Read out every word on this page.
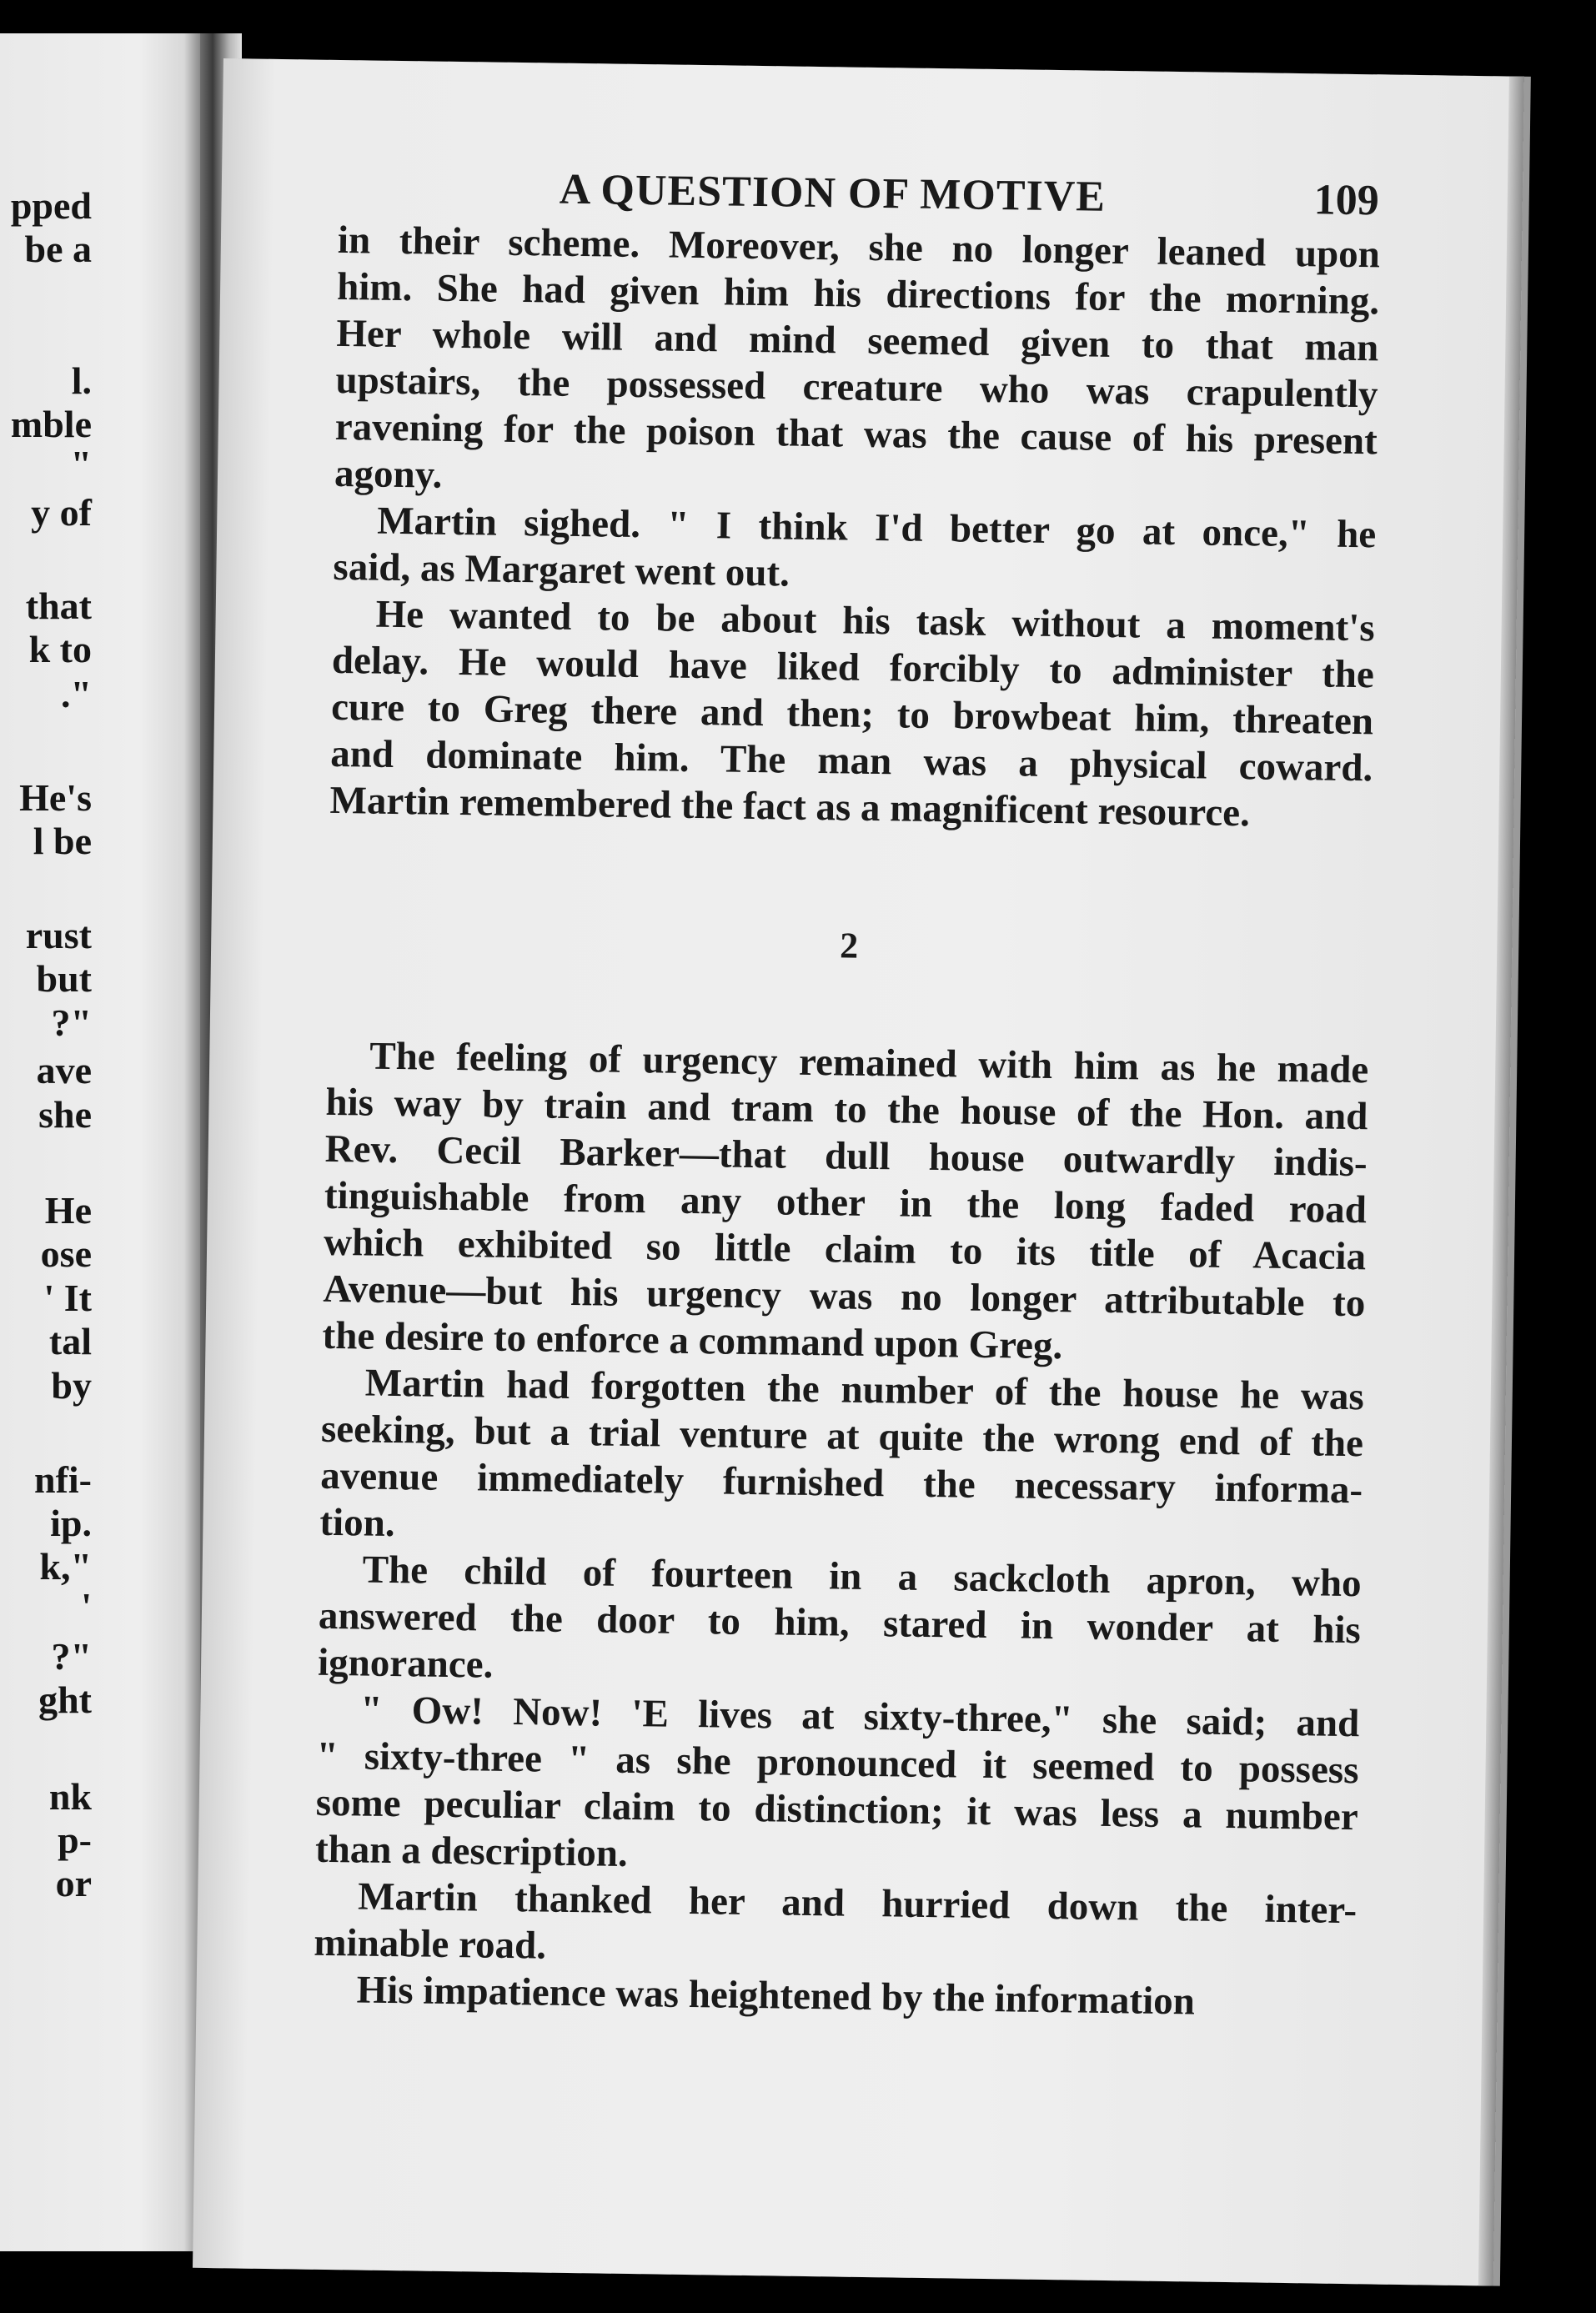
pped
be a
l.
mble
"
y of
that
k to
."
He's
l be
rust
but
?"
ave
she
He
ose
' It
tal
by
nfi-
ip.
k,"
'
?"
ght
nk
p-
or
A QUESTION OF MOTIVE	109
in their scheme. Moreover, she no longer leaned upon
him. She had given him his directions for the morning.
Her whole will and mind seemed given to that man
upstairs, the possessed creature who was crapulently
ravening for the poison that was the cause of his present
agony.
Martin sighed. " I think I'd better go at once," he
said, as Margaret went out.
He wanted to be about his task without a moment's
delay. He would have liked forcibly to administer the
cure to Greg there and then; to browbeat him, threaten
and dominate him. The man was a physical coward.
Martin remembered the fact as a magnificent resource.
2
The feeling of urgency remained with him as he made
his way by train and tram to the house of the Hon. and
Rev. Cecil Barker—that dull house outwardly indis-
tinguishable from any other in the long faded road
which exhibited so little claim to its title of Acacia
Avenue—but his urgency was no longer attributable to
the desire to enforce a command upon Greg.
Martin had forgotten the number of the house he was
seeking, but a trial venture at quite the wrong end of the
avenue immediately furnished the necessary informa-
tion.
The child of fourteen in a sackcloth apron, who
answered the door to him, stared in wonder at his
ignorance.
" Ow! Now! 'E lives at sixty-three," she said; and
" sixty-three " as she pronounced it seemed to possess
some peculiar claim to distinction; it was less a number
than a description.
Martin thanked her and hurried down the inter-
minable road.
His impatience was heightened by the information
